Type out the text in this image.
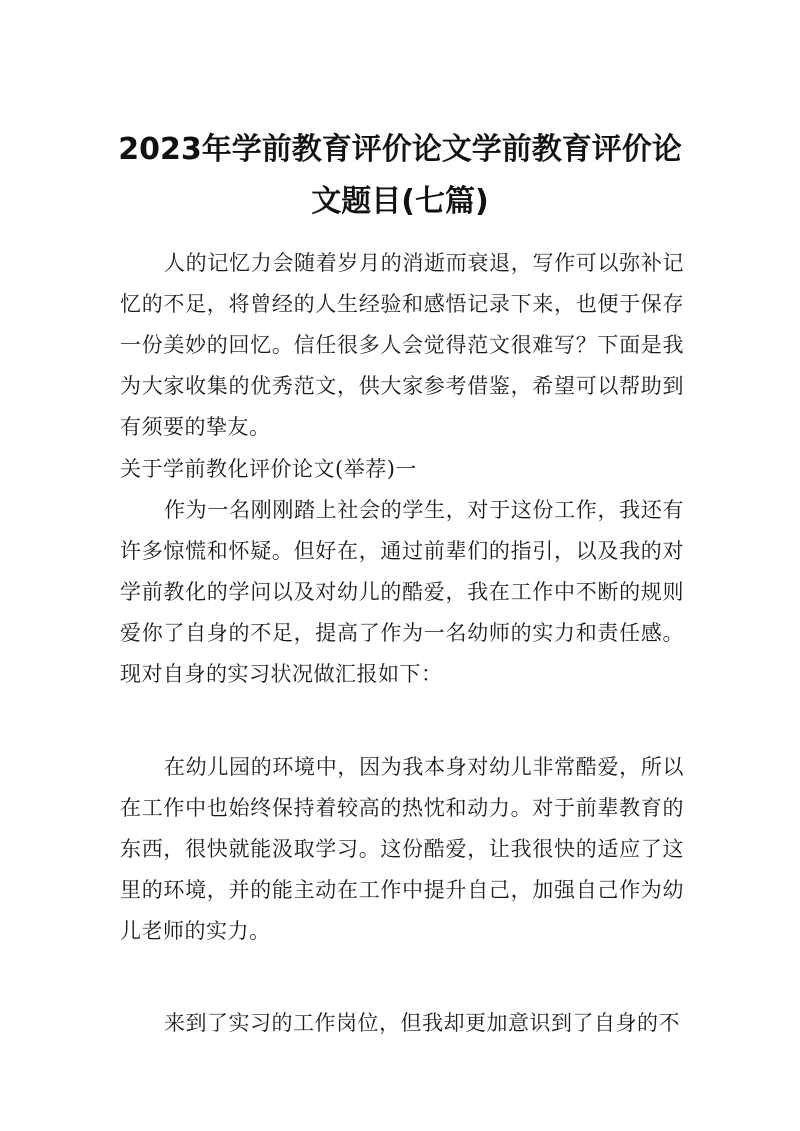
2023年学前教育评价论文学前教育评价论
文题目(七篇)

人的记忆力会随着岁月的消逝而衰退，写作可以弥补记忆的不足，将曾经的人生经验和感悟记录下来，也便于保存一份美妙的回忆。信任很多人会觉得范文很难写？下面是我为大家收集的优秀范文，供大家参考借鉴，希望可以帮助到有须要的挚友。

关于学前教化评价论文(举荐)一

作为一名刚刚踏上社会的学生，对于这份工作，我还有许多惊慌和怀疑。但好在，通过前辈们的指引，以及我的对学前教化的学问以及对幼儿的酷爱，我在工作中不断的规则爱你了自身的不足，提高了作为一名幼师的实力和责任感。现对自身的实习状况做汇报如下：

在幼儿园的环境中，因为我本身对幼儿非常酷爱，所以在工作中也始终保持着较高的热忱和动力。对于前辈教育的东西，很快就能汲取学习。这份酷爱，让我很快的适应了这里的环境，并的能主动在工作中提升自己，加强自己作为幼儿老师的实力。

来到了实习的工作岗位，但我却更加意识到了自身的不
